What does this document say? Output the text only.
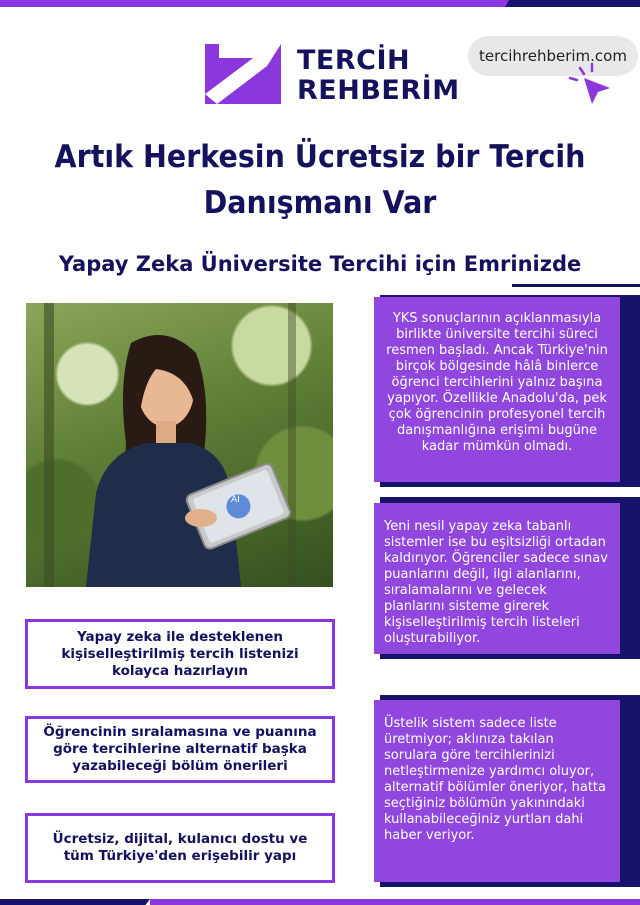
TERCİH
REHBERİM
tercihrehberim.com
Artık Herkesin Ücretsiz bir Tercih Danışmanı Var
Yapay Zeka Üniversite Tercihi için Emrinizde
AI
Yapay zeka ile desteklenen kişiselleştirilmiş tercih listenizi kolayca hazırlayın
Öğrencinin sıralamasına ve puanına göre tercihlerine alternatif başka yazabileceği bölüm önerileri
Ücretsiz, dijital, kulanıcı dostu ve tüm Türkiye'den erişebilir yapı
YKS sonuçlarının açıklanmasıyla birlikte üniversite tercihi süreci resmen başladı. Ancak Türkiye'nin birçok bölgesinde hâlâ binlerce öğrenci tercihlerini yalnız başına yapıyor. Özellikle Anadolu'da, pek çok öğrencinin profesyonel tercih danışmanlığına erişimi bugüne kadar mümkün olmadı.
Yeni nesil yapay zeka tabanlı sistemler ise bu eşitsizliği ortadan kaldırıyor. Öğrenciler sadece sınav puanlarını değil, ilgi alanlarını, sıralamalarını ve gelecek planlarını sisteme girerek kişiselleştirilmiş tercih listeleri oluşturabiliyor.
Üstelik sistem sadece liste üretmiyor; aklınıza takılan sorulara göre tercihlerinizi netleştirmenize yardımcı oluyor, alternatif bölümler öneriyor, hatta seçtiğiniz bölümün yakınındaki kullanabileceğiniz yurtları dahi haber veriyor.
